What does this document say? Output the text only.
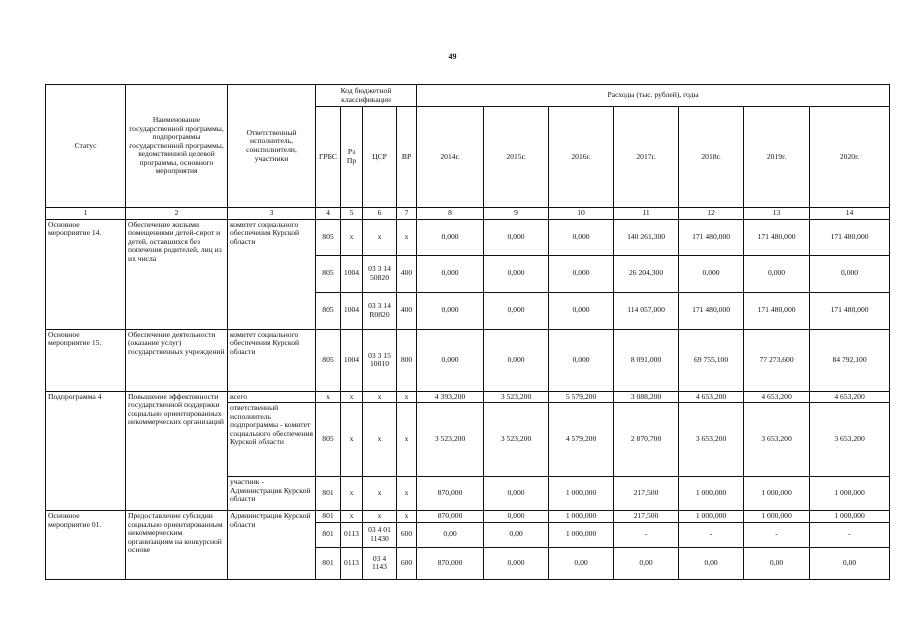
49
Статус	Наименование государственной программы, подпрограммы государственной программы, ведомственной целевой программы, основного мероприятия	Ответственный исполнитель, соисполнители, участники	Код бюджетной классификации				Расходы (тыс. рублей), годы						
			ГРБС	Рз Пр	ЦСР	ВР	2014г.	2015г.	2016г.	2017г.	2018г.	2019г.	2020г.
1	2	3	4	5	6	7	8	9	10	11	12	13	14
Основное мероприятие 14.	Обеспечение жилыми помещениями детей-сирот и детей, оставшихся без попечения родителей, лиц из их числа	комитет социального обеспечения Курской области	805	х	х	х	0,000	0,000	0,000	140 261,300	171 480,000	171 480,000	171 480,000
			805	1004	03 3 14 50820	400	0,000	0,000	0,000	26 204,300	0,000	0,000	0,000
			805	1004	03 3 14 R0820	400	0,000	0,000	0,000	114 057,000	171 480,000	171 480,000	171 480,000
Основное мероприятие 15.	Обеспечение деятельности (оказание услуг) государственных учреждений	комитет социального обеспечения Курской области	805	1004	03 3 15 10010	800	0,000	0,000	0,000	8 091,000	69 755,100	77 273,600	84 792,100
Подпрограмма 4	Повышение эффективности государственной поддержки социально ориентированных некоммерческих организаций	всего	х	х	х	х	4 393,200	3 523,200	5 579,200	3 088,200	4 653,200	4 653,200	4 653,200
		ответственный исполнитель подпрограммы - комитет социального обеспечения Курской области	805	х	х	х	3 523,200	3 523,200	4 579,200	2 870,700	3 653,200	3 653,200	3 653,200
		участник - Администрация Курской области	801	х	х	х	870,000	0,000	1 000,000	217,500	1 000,000	1 000,000	1 000,000
Основное мероприятие 01.	Предоставление субсидии социально ориентированным некоммерческим организациям на конкурсной основе	Администрация Курской области	801	х	х	х	870,000	0,000	1 000,000	217,500	1 000,000	1 000,000	1 000,000
			801	0113	03 4 01 11430	600	0,00	0,00	1 000,000	-	-	-	-
			801	0113	03 4 1143	600	870,000	0,000	0,00	0,00	0,00	0,00	0,00
